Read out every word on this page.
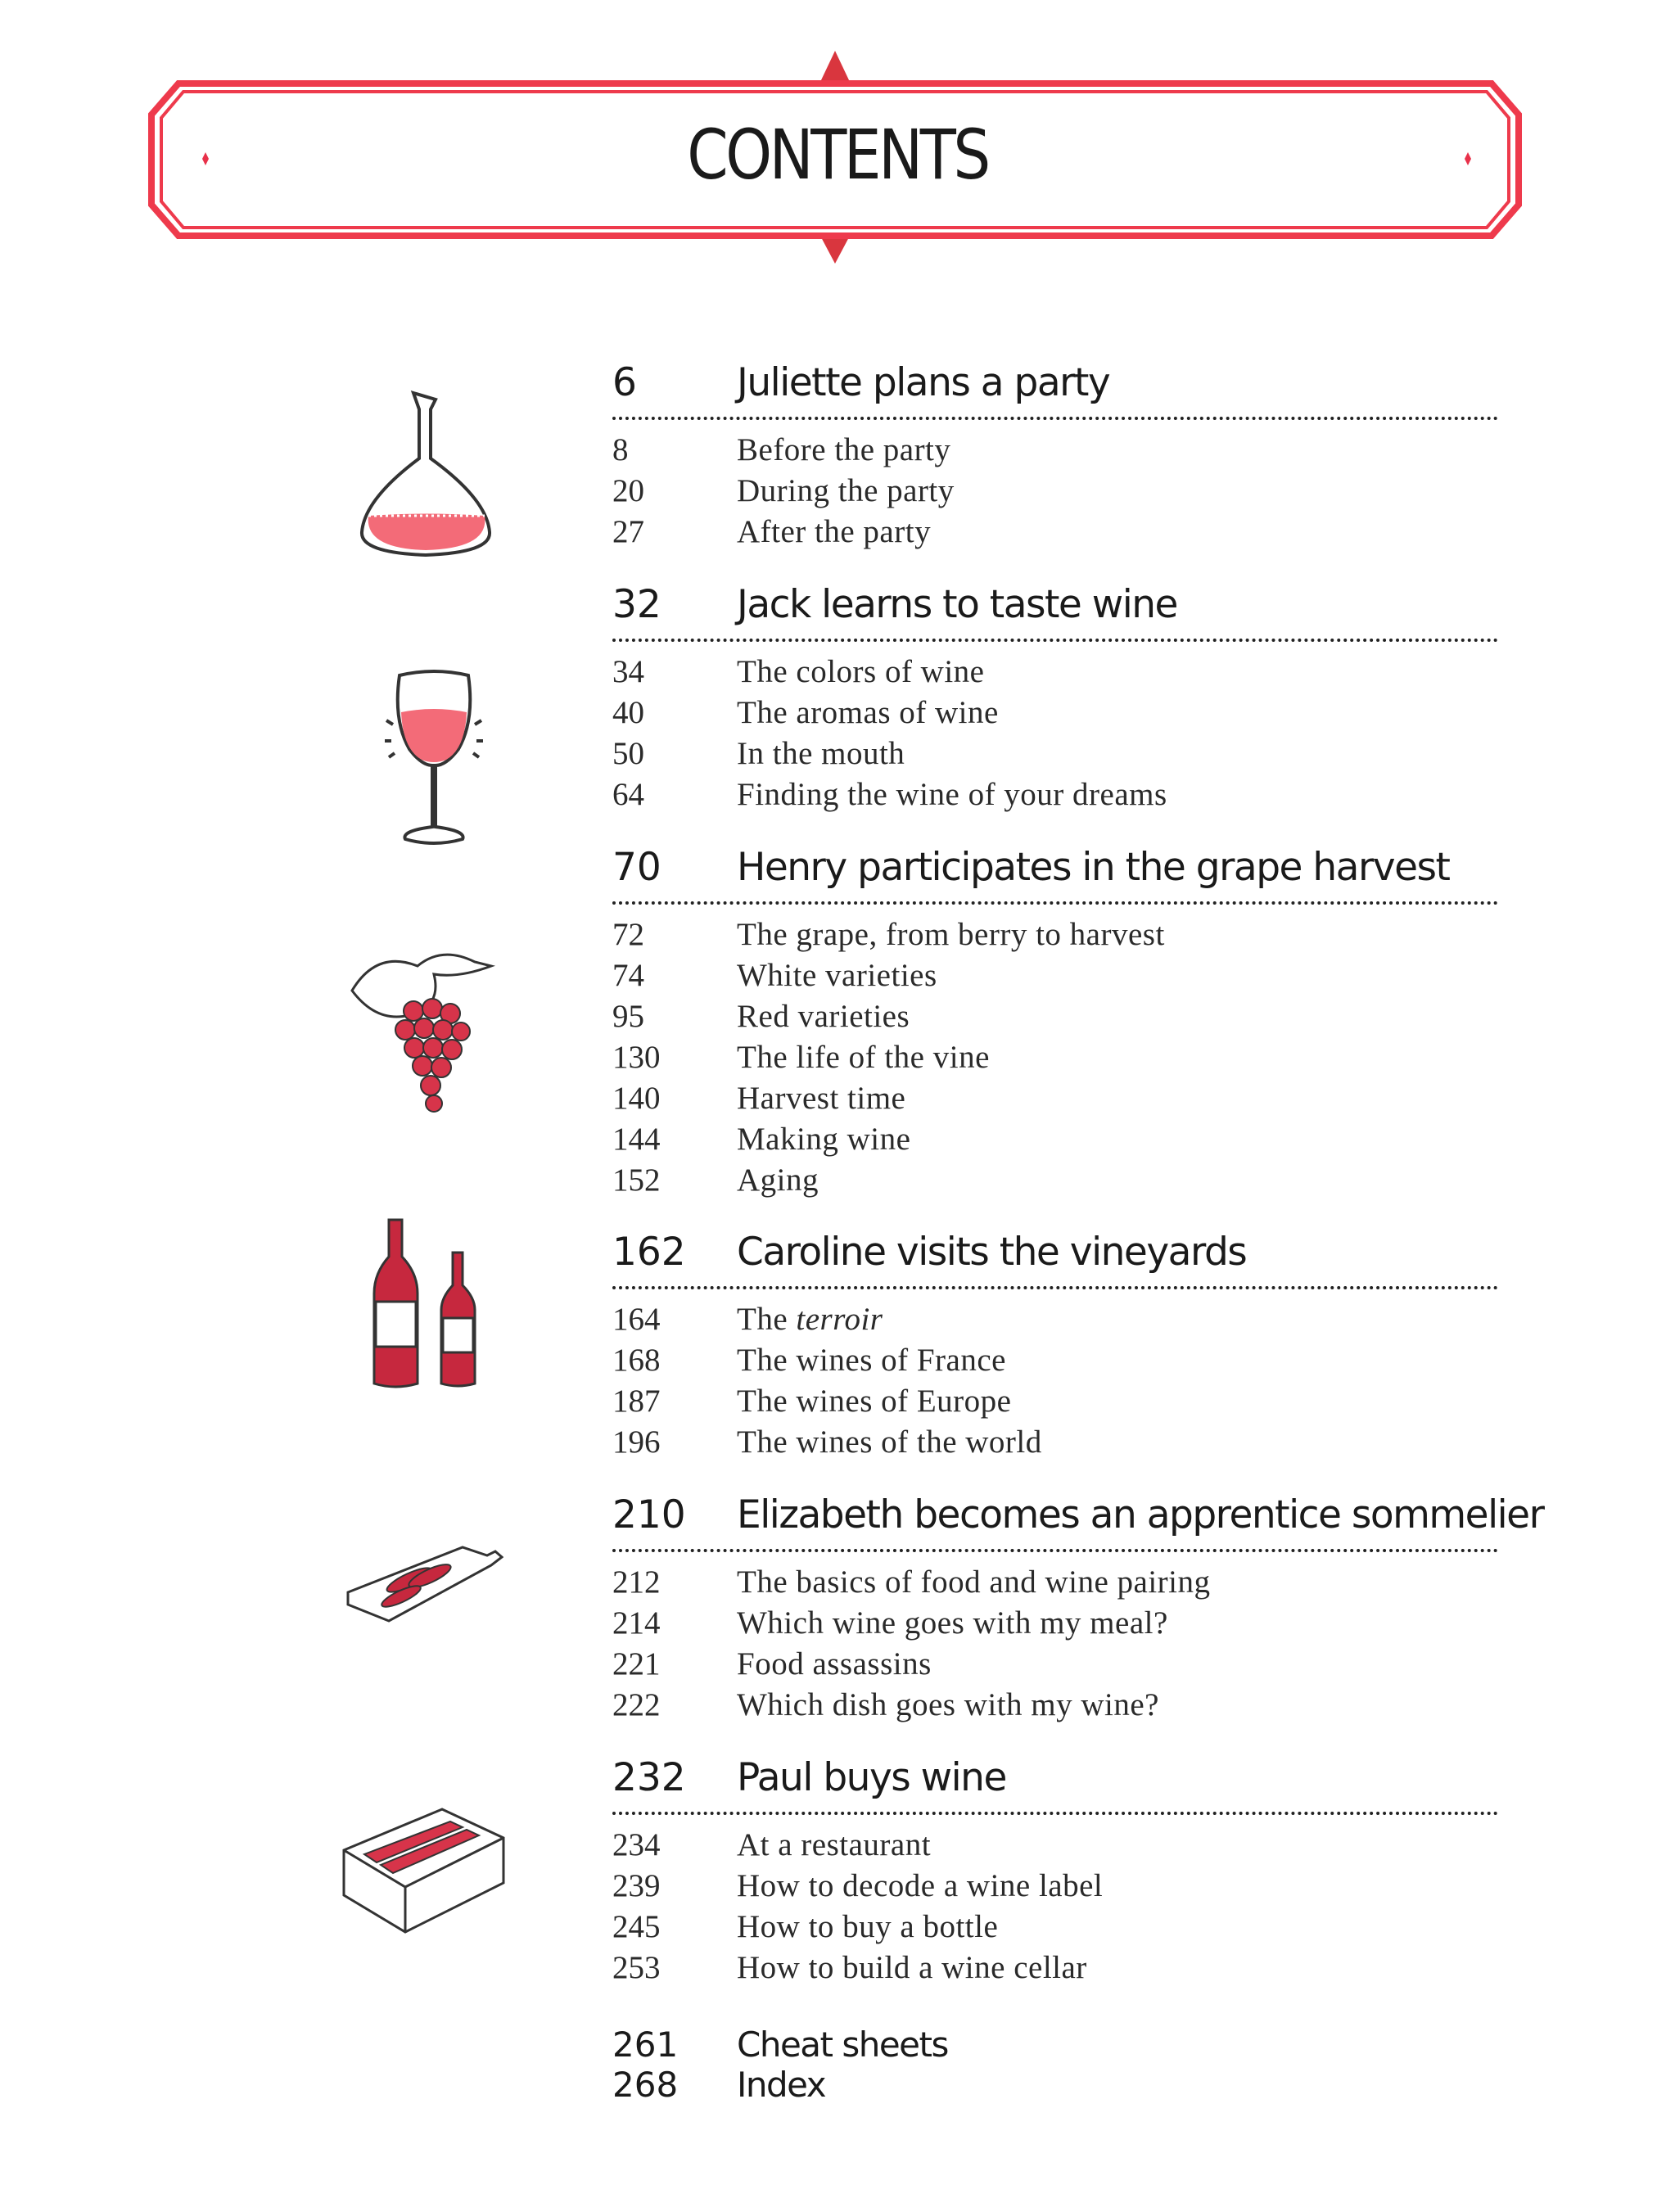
CONTENTS
6	Juliette plans a party
8	Before the party
20	During the party
27	After the party
32 Jack learns to taste wine
34	The colors of wine
40	The aromas of wine
50	In the mouth
64	Finding the wine of your dreams
70 Henry participates in the grape harvest
72	The grape, from berry to harvest
74	White varieties
95	Red varieties
130 The life of the vine
140 Harvest time
144 Making wine
152 Aging
162 Caroline visits the vineyards
164 The terroir
168 The wines of France
187 The wines of Europe
196 The wines of the world
210 Elizabeth becomes an apprentice sommelier
212 The basics of food and wine pairing
214 Which wine goes with my meal?
221 Food assassins
222 Which dish goes with my wine?
232 Paul buys wine
234 At a restaurant
239 How to decode a wine label
245 How to buy a bottle
253 How to build a wine cellar
261 Cheat sheets
268 Index
